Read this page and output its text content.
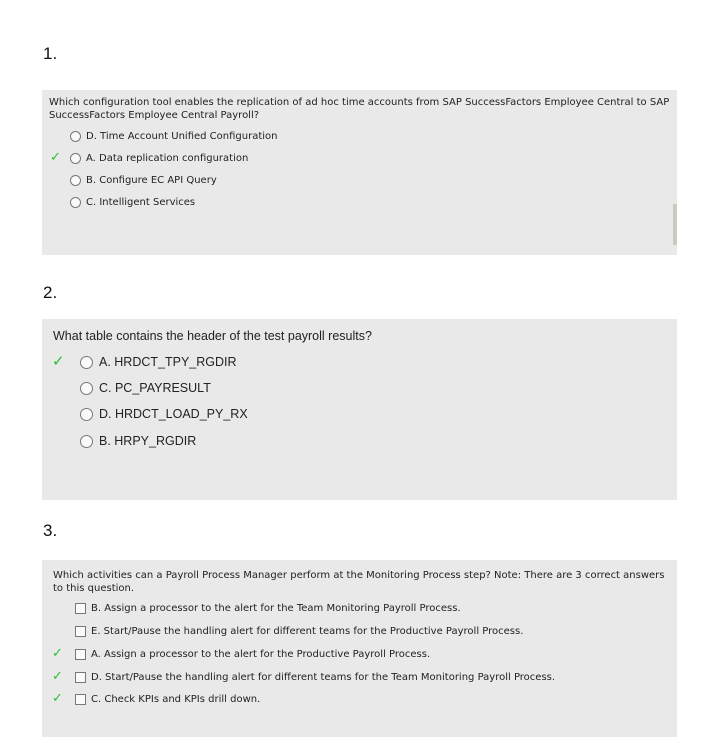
1.
Which configuration tool enables the replication of ad hoc time accounts from SAP SuccessFactors Employee Central to SAP SuccessFactors Employee Central Payroll?
D. Time Account Unified Configuration
✓	A. Data replication configuration
B. Configure EC API Query
C. Intelligent Services
2.
What table contains the header of the test payroll results?
✓	A. HRDCT_TPY_RGDIR
C. PC_PAYRESULT
D. HRDCT_LOAD_PY_RX
B. HRPY_RGDIR
3.
Which activities can a Payroll Process Manager perform at the Monitoring Process step? Note: There are 3 correct answers to this question.
B. Assign a processor to the alert for the Team Monitoring Payroll Process.
E. Start/Pause the handling alert for different teams for the Productive Payroll Process.
✓	A. Assign a processor to the alert for the Productive Payroll Process.
✓	D. Start/Pause the handling alert for different teams for the Team Monitoring Payroll Process.
✓	C. Check KPIs and KPIs drill down.
